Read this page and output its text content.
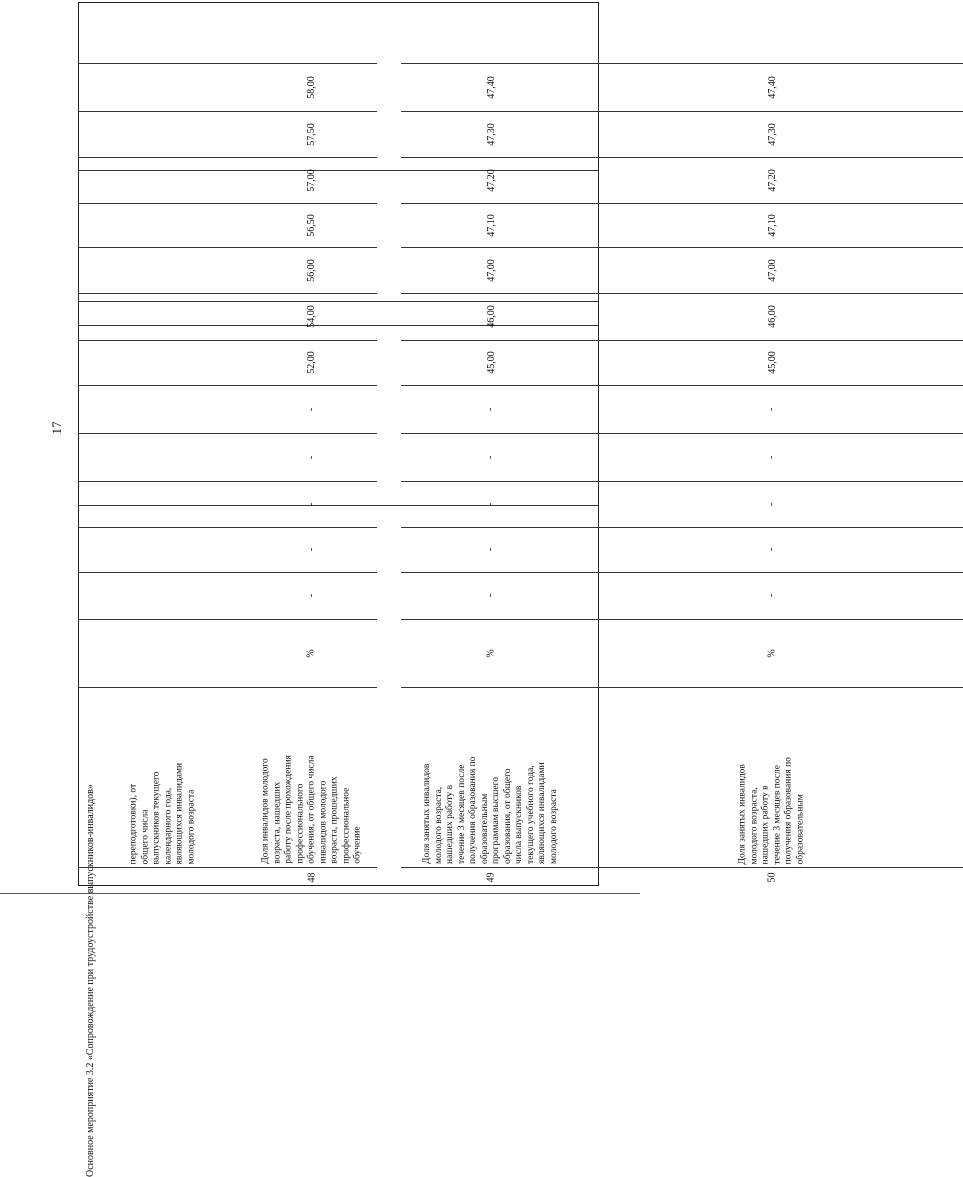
17
переподготовки), от
общего числа
выпускников текущего
календарного года,
являющихся инвалидами
молодого возраста
48
Доля инвалидов молодого
возраста, нашедших
работу после прохождения
профессионального
обучения, от общего числа
инвалидов молодого
возраста, прошедших
профессиональное
обучение
%
-
-
-
-
-
52,00
54,00
56,00
56,50
57,00
57,50
58,00
Основное мероприятие 3.2 «Сопровождение при трудоустройстве выпускников-инвалидов»	49
Доля занятых инвалидов
молодого возраста,
нашедших работу в
течение 3 месяцев после
получения образования по
образовательным
программам высшего
образования, от общего
числа выпускников
текущего учебного года,
являющихся инвалидами
молодого возраста
%
-
-
-
-
-
45,00
46,00
47,00
47,10
47,20
47,30
47,40
50
Доля занятых инвалидов
молодого возраста,
нашедших работу в
течение 3 месяцев после
получения образования по
образовательным
%
-
-
-
-
-
45,00
46,00
47,00
47,10
47,20
47,30
47,40
